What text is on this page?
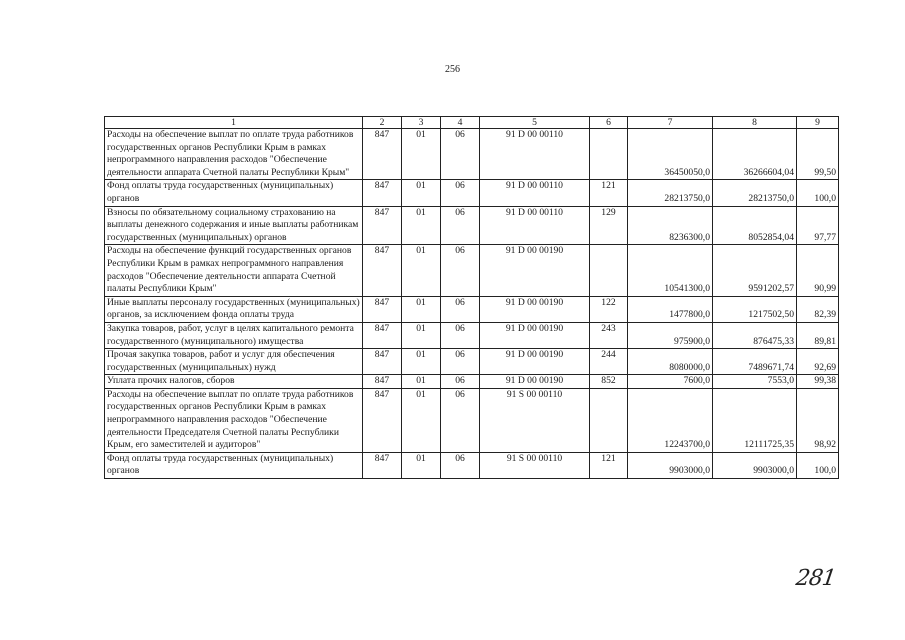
256
1	2	3	4	5	6	7	8	9
Расходы на обеспечение выплат по оплате труда работников государственных органов Республики Крым в рамках непрограммного направления расходов "Обеспечение деятельности аппарата Счетной палаты Республики Крым"	847	01	06	91 D 00 00110		36450050,0	36266604,04	99,50
Фонд оплаты труда государственных (муниципальных) органов	847	01	06	91 D 00 00110	121	28213750,0	28213750,0	100,0
Взносы по обязательному социальному страхованию на выплаты денежного содержания и иные выплаты работникам государственных (муниципальных) органов	847	01	06	91 D 00 00110	129	8236300,0	8052854,04	97,77
Расходы на обеспечение функций государственных органов Республики Крым в рамках непрограммного направления расходов "Обеспечение деятельности аппарата Счетной палаты Республики Крым"	847	01	06	91 D 00 00190		10541300,0	9591202,57	90,99
Иные выплаты персоналу государственных (муниципальных) органов, за исключением фонда оплаты труда	847	01	06	91 D 00 00190	122	1477800,0	1217502,50	82,39
Закупка товаров, работ, услуг в целях капитального ремонта государственного (муниципального) имущества	847	01	06	91 D 00 00190	243	975900,0	876475,33	89,81
Прочая закупка товаров, работ и услуг для обеспечения государственных (муниципальных) нужд	847	01	06	91 D 00 00190	244	8080000,0	7489671,74	92,69
Уплата прочих налогов, сборов	847	01	06	91 D 00 00190	852	7600,0	7553,0	99,38
Расходы на обеспечение выплат по оплате труда работников государственных органов Республики Крым в рамках непрограммного направления расходов "Обеспечение деятельности Председателя Счетной палаты Республики Крым, его заместителей и аудиторов"	847	01	06	91 S 00 00110		12243700,0	12111725,35	98,92
Фонд оплаты труда государственных (муниципальных) органов	847	01	06	91 S 00 00110	121	9903000,0	9903000,0	100,0
281
